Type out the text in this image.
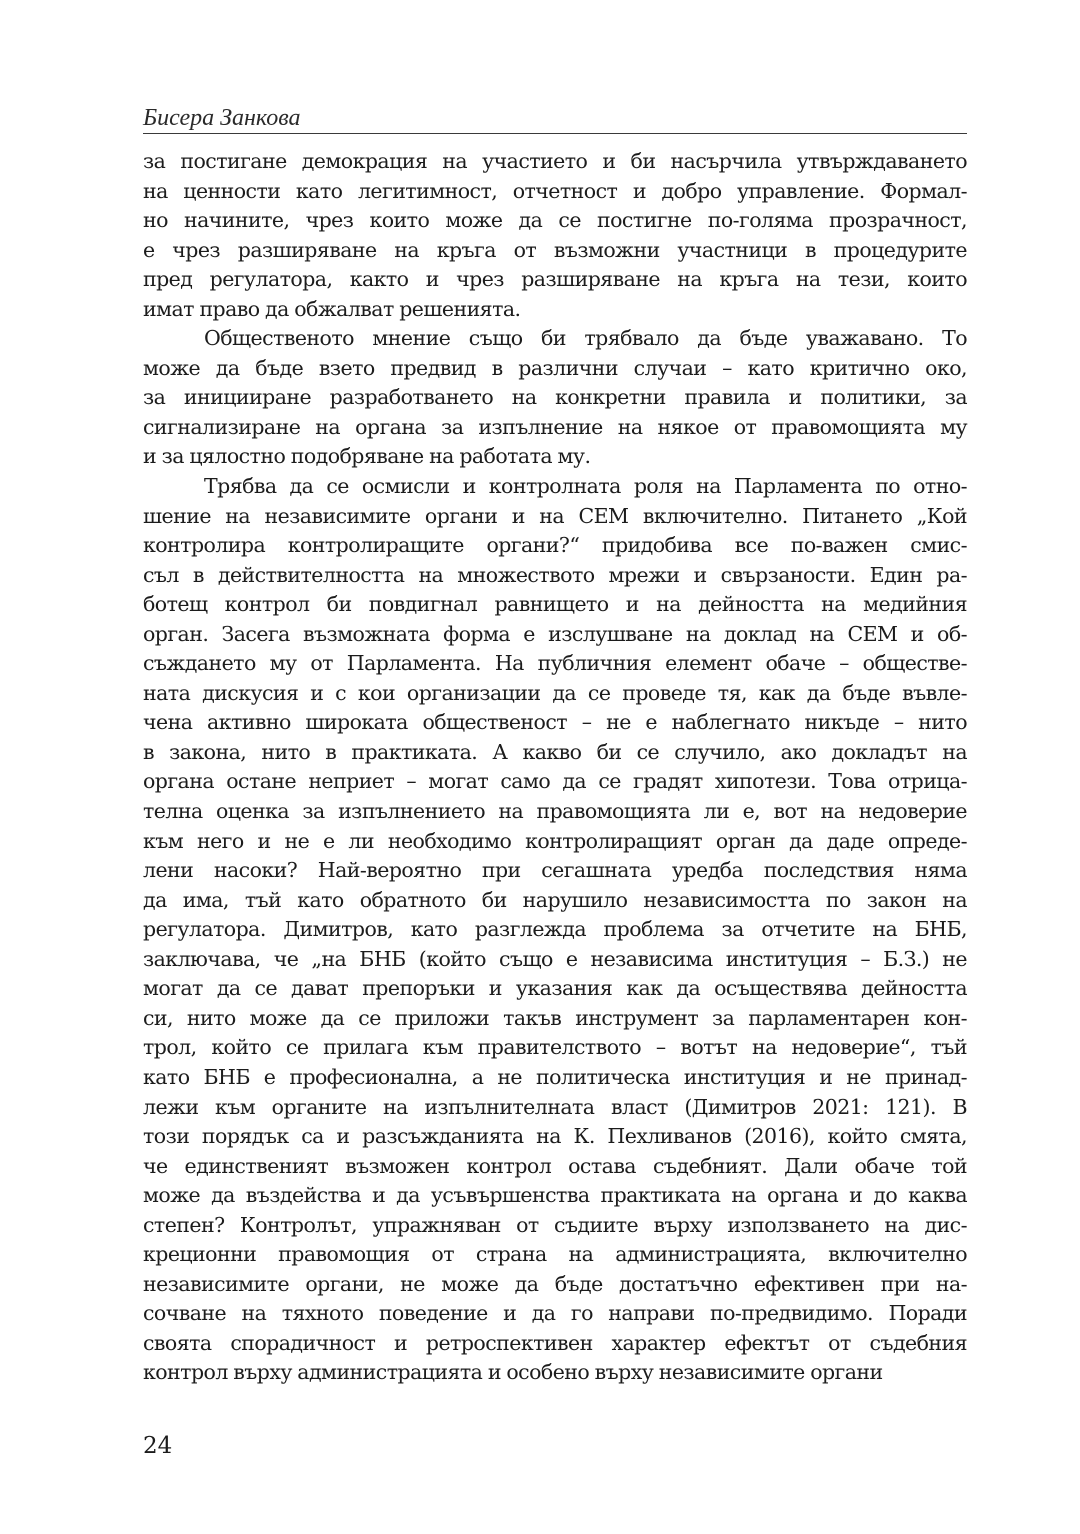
Бисера Занкова
за постигане демокрация на участието и би насърчила утвърждаването
на ценности като легитимност, отчетност и добро управление. Формал-
но начините, чрез които може да се постигне по-голяма прозрачност,
е чрез разширяване на кръга от възможни участници в процедурите
пред регулатора, както и чрез разширяване на кръга на тези, които
имат право да обжалват решенията.
Общественото мнение също би трябвало да бъде уважавано. То
може да бъде взето предвид в различни случаи – като критично око,
за иницииране разработването на конкретни правила и политики, за
сигнализиране на органа за изпълнение на някое от правомощията му
и за цялостно подобряване на работата му.
Трябва да се осмисли и контролната роля на Парламента по отно-
шение на независимите органи и на СЕМ включително. Питането „Кой
контролира контролиращите органи?“ придобива все по-важен смис-
съл в действителността на множеството мрежи и свързаности. Един ра-
ботещ контрол би повдигнал равнището и на дейността на медийния
орган. Засега възможната форма е изслушване на доклад на СЕМ и об-
съждането му от Парламента. На публичния елемент обаче – обществе-
ната дискусия и с кои организации да се проведе тя, как да бъде въвле-
чена активно широката общественост – не е наблегнато никъде – нито
в закона, нито в практиката. А какво би се случило, ако докладът на
органа остане неприет – могат само да се градят хипотези. Това отрица-
телна оценка за изпълнението на правомощията ли е, вот на недоверие
към него и не е ли необходимо контролиращият орган да даде опреде-
лени насоки? Най-вероятно при сегашната уредба последствия няма
да има, тъй като обратното би нарушило независимостта по закон на
регулатора. Димитров, като разглежда проблема за отчетите на БНБ,
заключава, че „на БНБ (който също е независима институция – Б.З.) не
могат да се дават препоръки и указания как да осъществява дейността
си, нито може да се приложи такъв инструмент за парламентарен кон-
трол, който се прилага към правителството – вотът на недоверие“, тъй
като БНБ е професионална, а не политическа институция и не принад-
лежи към органите на изпълнителната власт (Димитров 2021: 121). В
този порядък са и разсъжданията на К. Пехливанов (2016), който смята,
че единственият възможен контрол остава съдебният. Дали обаче той
може да въздейства и да усъвършенства практиката на органа и до каква
степен? Контролът, упражняван от съдиите върху използването на дис-
креционни правомощия от страна на администрацията, включително
независимите органи, не може да бъде достатъчно ефективен при на-
сочване на тяхното поведение и да го направи по-предвидимо. Поради
своята спорадичност и ретроспективен характер ефектът от съдебния
контрол върху администрацията и особено върху независимите органи
24
